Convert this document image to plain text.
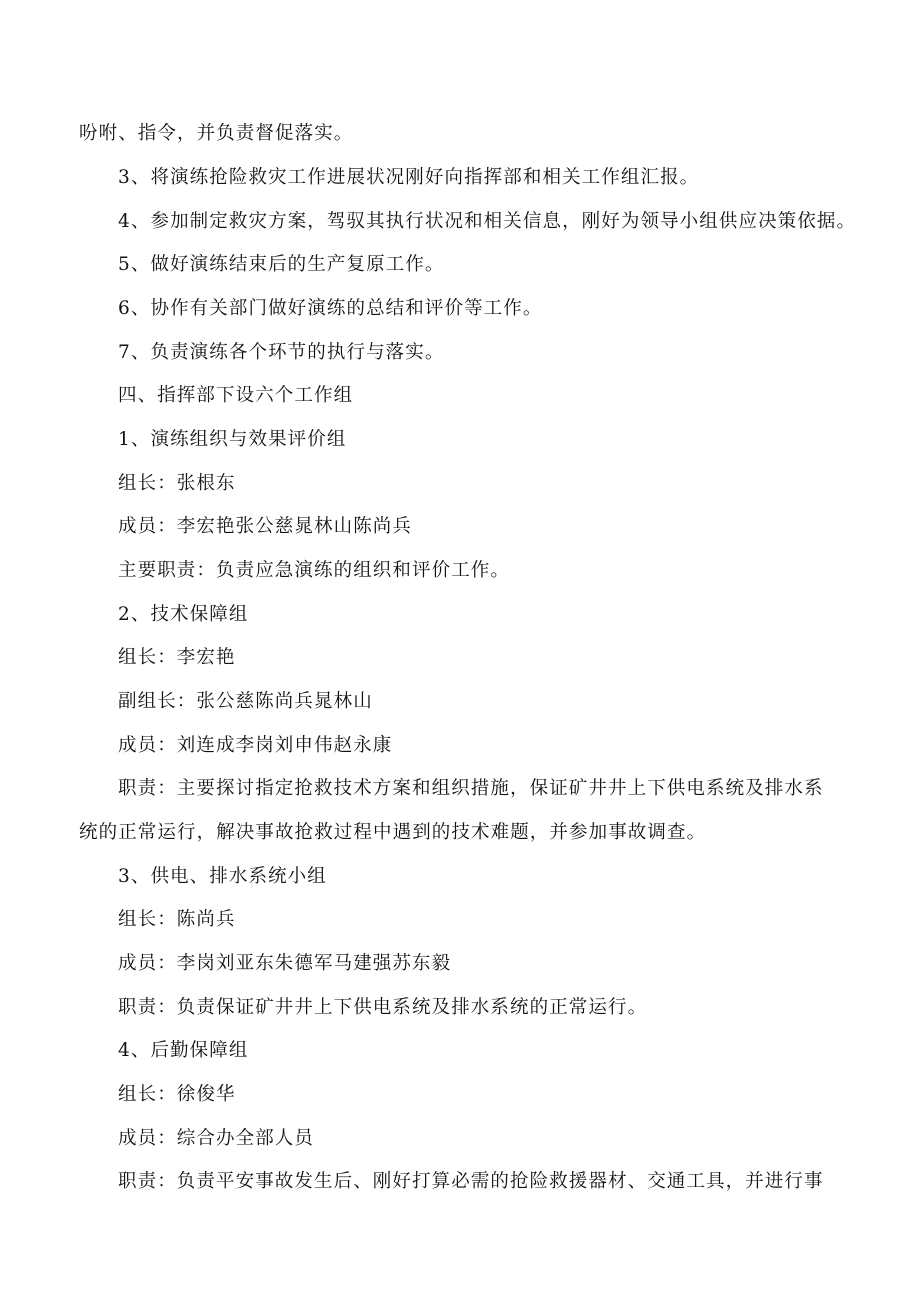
吩咐、指令，并负责督促落实。
3、将演练抢险救灾工作进展状况刚好向指挥部和相关工作组汇报。
4、参加制定救灾方案，驾驭其执行状况和相关信息，刚好为领导小组供应决策依据。
5、做好演练结束后的生产复原工作。
6、协作有关部门做好演练的总结和评价等工作。
7、负责演练各个环节的执行与落实。
四、指挥部下设六个工作组
1、演练组织与效果评价组
组长：张根东
成员：李宏艳张公慈晁林山陈尚兵
主要职责：负责应急演练的组织和评价工作。
2、技术保障组
组长：李宏艳
副组长：张公慈陈尚兵晁林山
成员：刘连成李岗刘申伟赵永康
职责：主要探讨指定抢救技术方案和组织措施，保证矿井井上下供电系统及排水系
统的正常运行，解决事故抢救过程中遇到的技术难题，并参加事故调查。
3、供电、排水系统小组
组长：陈尚兵
成员：李岗刘亚东朱德军马建强苏东毅
职责：负责保证矿井井上下供电系统及排水系统的正常运行。
4、后勤保障组
组长：徐俊华
成员：综合办全部人员
职责：负责平安事故发生后、刚好打算必需的抢险救援器材、交通工具，并进行事
